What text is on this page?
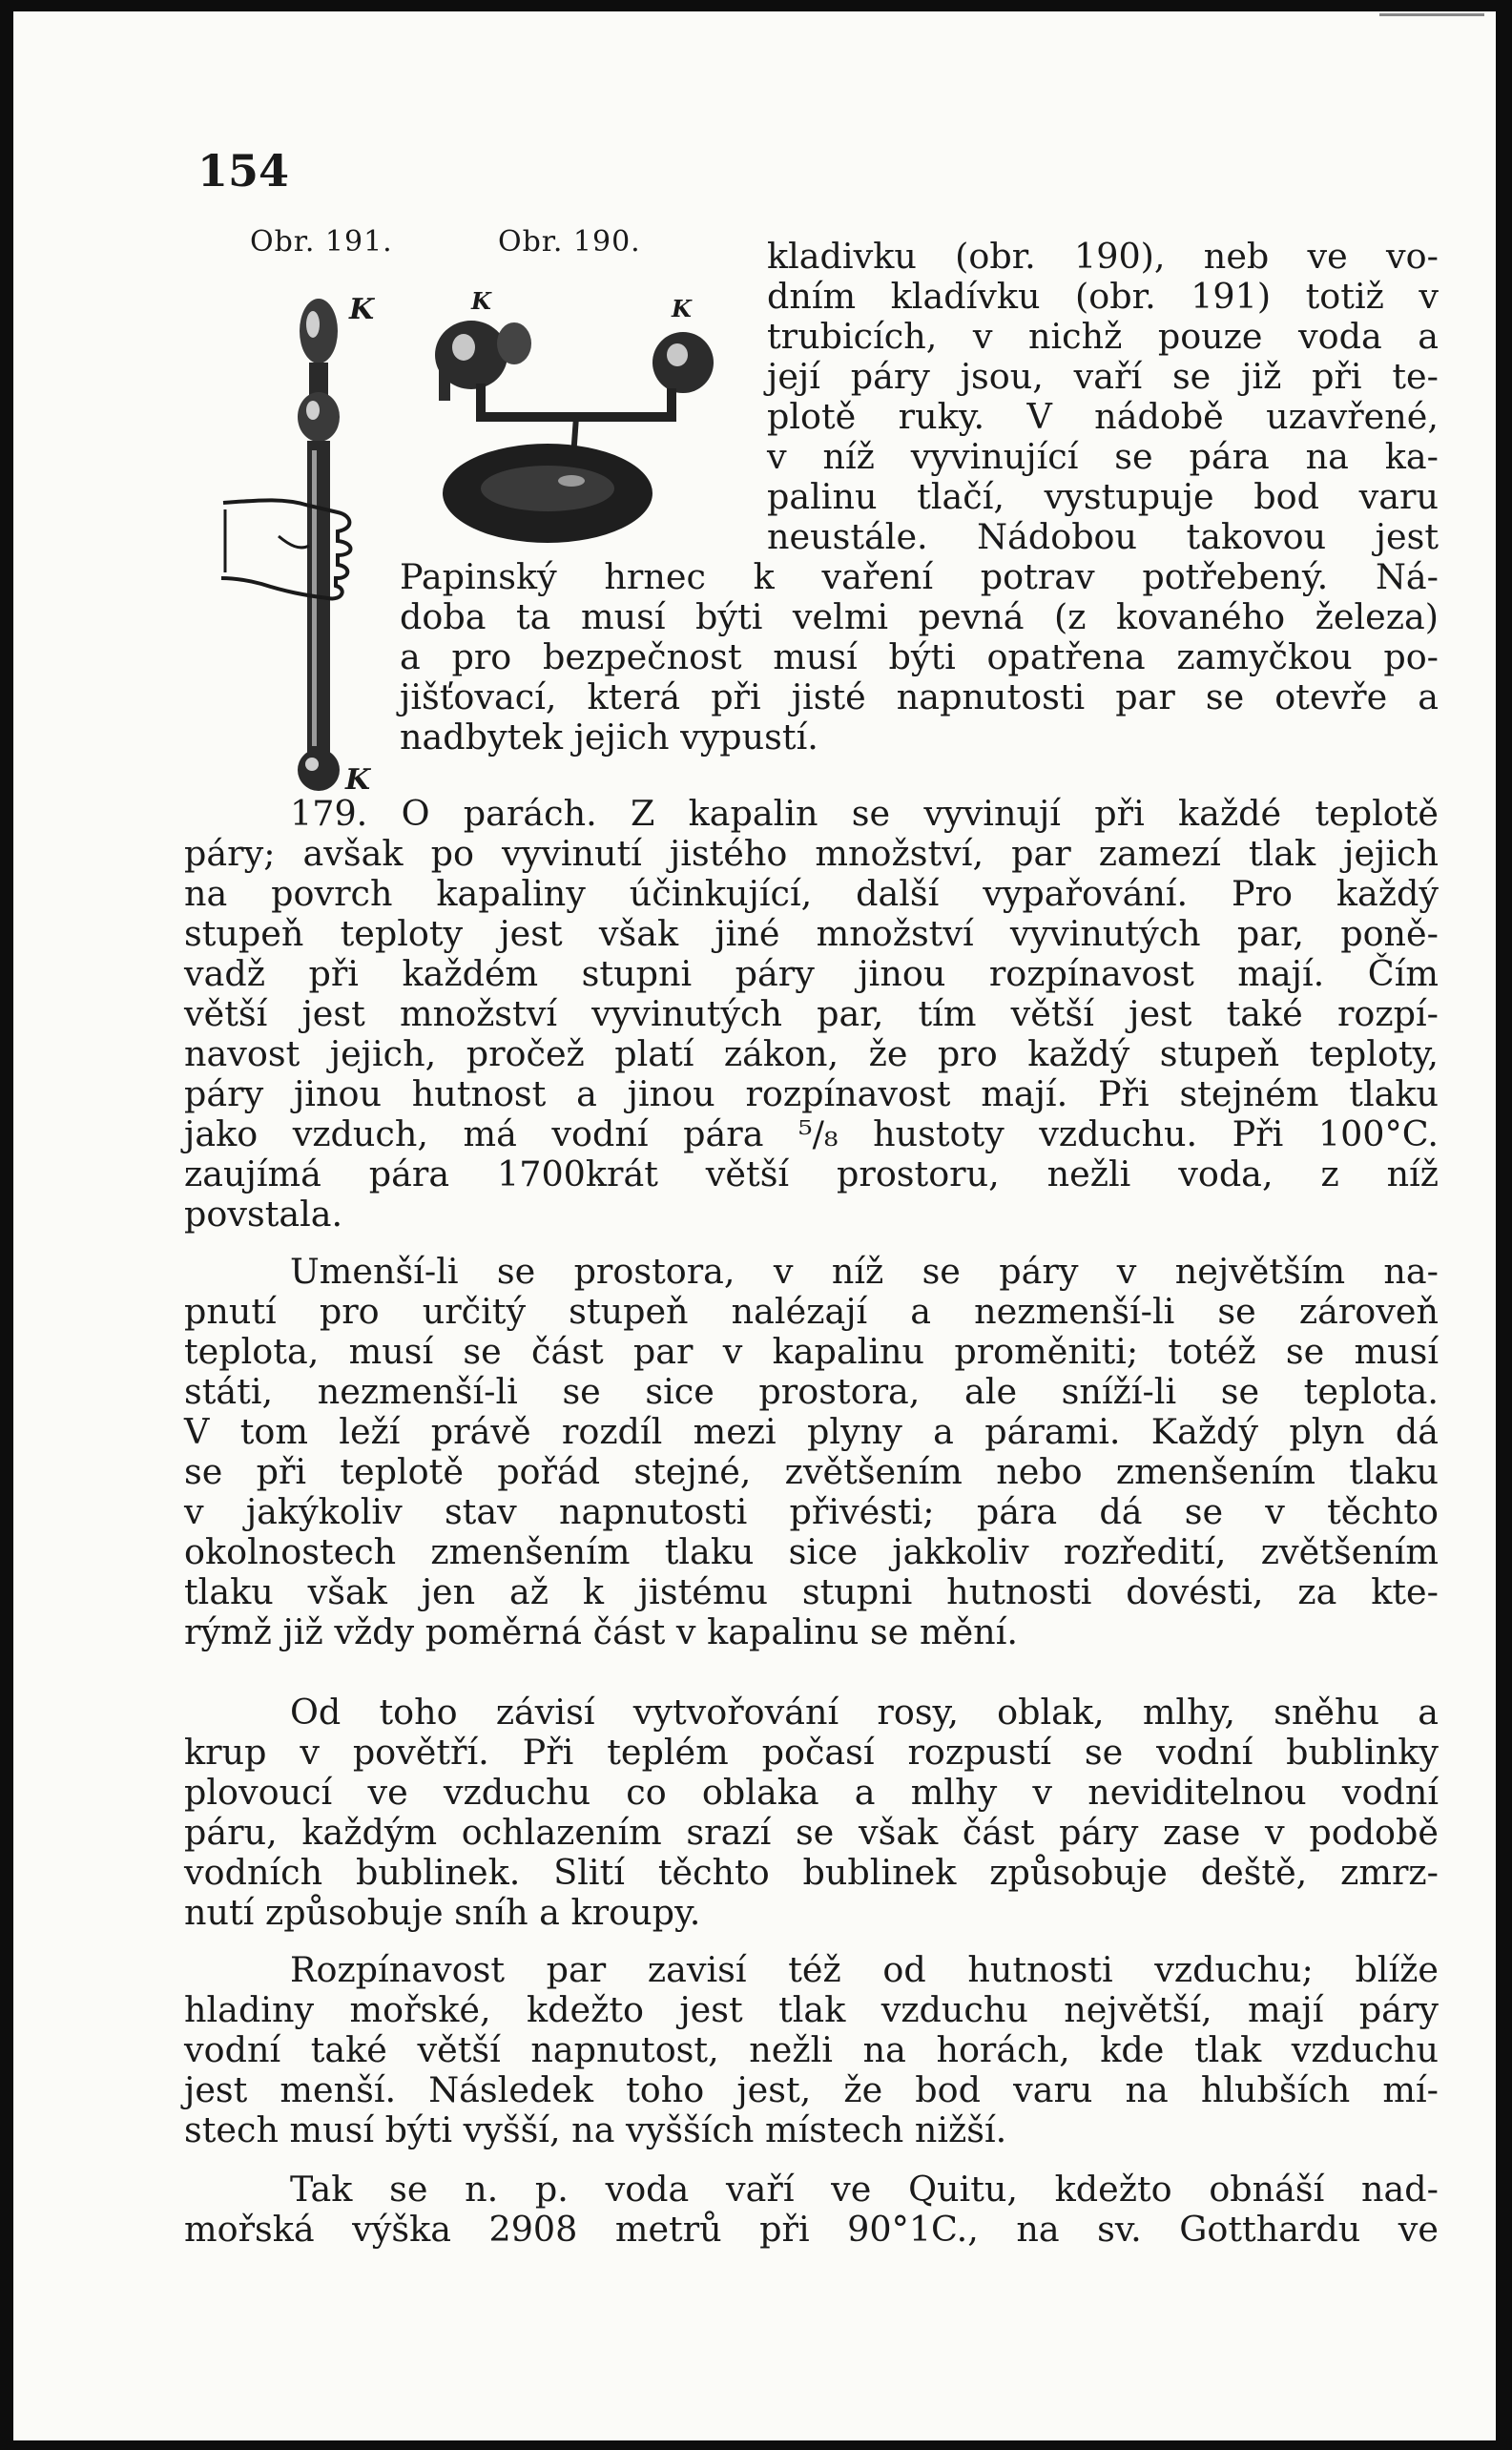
154
Obr. 191.	Obr. 190.
K
K
K	K
kladivku (obr. 190), neb ve vo-
dním kladívku (obr. 191) totiž v
trubicích, v nichž pouze voda a
její páry jsou, vaří se již při te-
plotě ruky. V nádobě uzavřené,
v níž vyvinující se pára na ka-
palinu tlačí, vystupuje bod varu
neustále. Nádobou takovou jest
Papinský hrnec k vaření potrav potřebený. Ná-
doba ta musí býti velmi pevná (z kovaného železa)
a pro bezpečnost musí býti opatřena zamyčkou po-
jišťovací, která při jisté napnutosti par se otevře a
nadbytek jejich vypustí.
179. O parách. Z kapalin se vyvinují při každé teplotě
páry; avšak po vyvinutí jistého množství, par zamezí tlak jejich
na povrch kapaliny účinkující, další vypařování. Pro každý
stupeň teploty jest však jiné množství vyvinutých par, poně-
vadž při každém stupni páry jinou rozpínavost mají. Čím
větší jest množství vyvinutých par, tím větší jest také rozpí-
navost jejich, pročež platí zákon, že pro každý stupeň teploty,
páry jinou hutnost a jinou rozpínavost mají. Při stejném tlaku
jako vzduch, má vodní pára ⁵/₈ hustoty vzduchu. Při 100°C.
zaujímá pára 1700krát větší prostoru, nežli voda, z níž
povstala.
Umenší-li se prostora, v níž se páry v největším na-
pnutí pro určitý stupeň nalézají a nezmenší-li se zároveň
teplota, musí se část par v kapalinu proměniti; totéž se musí
státi, nezmenší-li se sice prostora, ale sníží-li se teplota.
V tom leží právě rozdíl mezi plyny a párami. Každý plyn dá
se při teplotě pořád stejné, zvětšením nebo zmenšením tlaku
v jakýkoliv stav napnutosti přivésti; pára dá se v těchto
okolnostech zmenšením tlaku sice jakkoliv rozředití, zvětšením
tlaku však jen až k jistému stupni hutnosti dovésti, za kte-
rýmž již vždy poměrná část v kapalinu se mění.
Od toho závisí vytvořování rosy, oblak, mlhy, sněhu a
krup v povětří. Při teplém počasí rozpustí se vodní bublinky
plovoucí ve vzduchu co oblaka a mlhy v neviditelnou vodní
páru, každým ochlazením srazí se však část páry zase v podobě
vodních bublinek. Slití těchto bublinek způsobuje deště, zmrz-
nutí způsobuje sníh a kroupy.
Rozpínavost par zavisí též od hutnosti vzduchu; blíže
hladiny mořské, kdežto jest tlak vzduchu největší, mají páry
vodní také větší napnutost, nežli na horách, kde tlak vzduchu
jest menší. Následek toho jest, že bod varu na hlubších mí-
stech musí býti vyšší, na vyšších místech nižší.
Tak se n. p. voda vaří ve Quitu, kdežto obnáší nad-
mořská výška 2908 metrů při 90°1C., na sv. Gotthardu ve
